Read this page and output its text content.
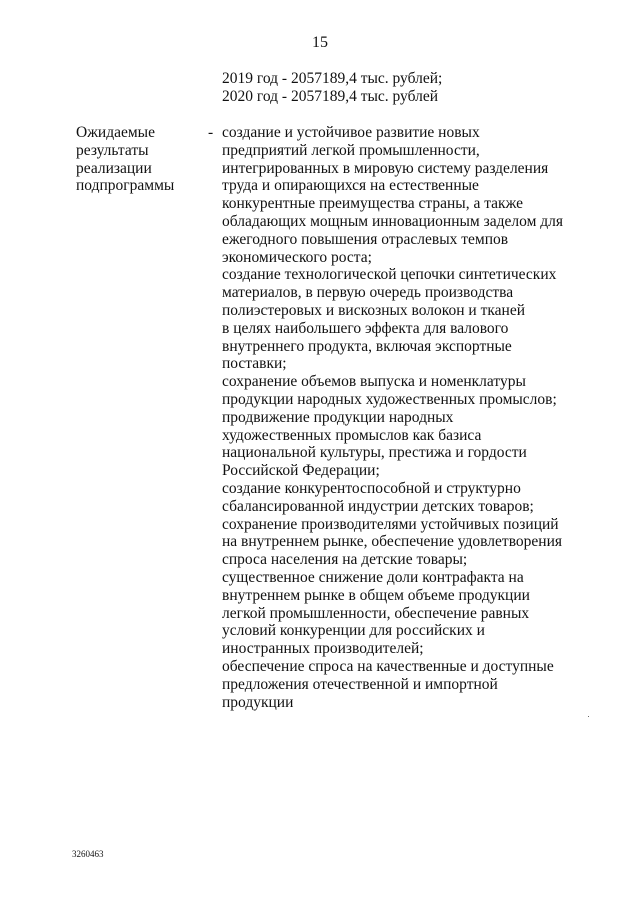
15
2019 год - 2057189,4 тыс. рублей;
2020 год - 2057189,4 тыс. рублей
Ожидаемые
результаты
реализации
подпрограммы
- создание и устойчивое развитие новых
предприятий легкой промышленности,
интегрированных в мировую систему разделения
труда и опирающихся на естественные
конкурентные преимущества страны, а также
обладающих мощным инновационным заделом для
ежегодного повышения отраслевых темпов
экономического роста;
создание технологической цепочки синтетических
материалов, в первую очередь производства
полиэстеровых и вискозных волокон и тканей
в целях наибольшего эффекта для валового
внутреннего продукта, включая экспортные
поставки;
сохранение объемов выпуска и номенклатуры
продукции народных художественных промыслов;
продвижение продукции народных
художественных промыслов как базиса
национальной культуры, престижа и гордости
Российской Федерации;
создание конкурентоспособной и структурно
сбалансированной индустрии детских товаров;
сохранение производителями устойчивых позиций
на внутреннем рынке, обеспечение удовлетворения
спроса населения на детские товары;
существенное снижение доли контрафакта на
внутреннем рынке в общем объеме продукции
легкой промышленности, обеспечение равных
условий конкуренции для российских и
иностранных производителей;
обеспечение спроса на качественные и доступные
предложения отечественной и импортной
продукции
3260463
